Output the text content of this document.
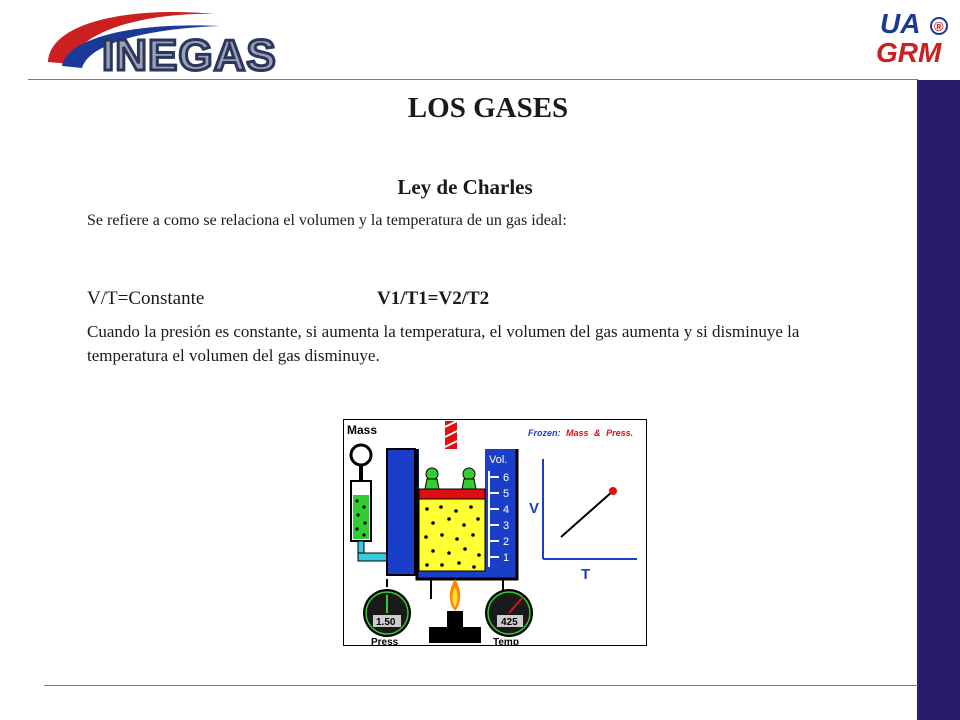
INEGAS
UA ®
GRM
LOS GASES
Ley de Charles
Se refiere a como se relaciona el volumen y la temperatura de un gas ideal:
V/T=Constante	V1/T1=V2/T2
Cuando la presión es constante, si aumenta la temperatura, el volumen del gas aumenta y si disminuye la temperatura el volumen del gas disminuye.
Mass	Frozen: Mass & Press.
Vol.
6
5
4
3
2
1
1.50
Press
425
Temp
V
T
